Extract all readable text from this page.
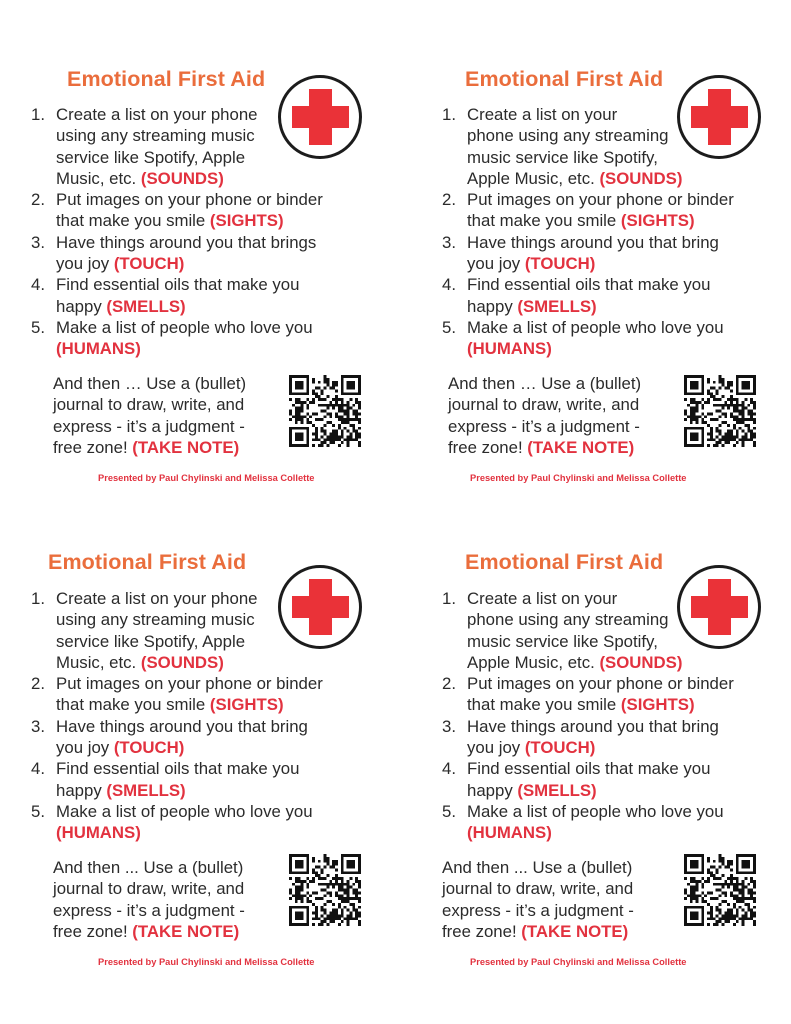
Emotional First Aid
1. Create a list on your phone
using any streaming music
service like Spotify, Apple
Music, etc. (SOUNDS)
2. Put images on your phone or binder
that make you smile (SIGHTS)
3. Have things around you that brings
you joy (TOUCH)
4. Find essential oils that make you
happy (SMELLS)
5. Make a list of people who love you
(HUMANS)
And then … Use a (bullet)
journal to draw, write, and
express - it’s a judgment -
free zone! (TAKE NOTE)
Presented by Paul Chylinski and Melissa Collette
Emotional First Aid
1. Create a list on your
phone using any streaming
music service like Spotify,
Apple Music, etc. (SOUNDS)
2. Put images on your phone or binder
that make you smile (SIGHTS)
3. Have things around you that bring
you joy (TOUCH)
4. Find essential oils that make you
happy (SMELLS)
5. Make a list of people who love you
(HUMANS)
And then … Use a (bullet)
journal to draw, write, and
express - it’s a judgment -
free zone! (TAKE NOTE)
Presented by Paul Chylinski and Melissa Collette
Emotional First Aid
1. Create a list on your phone
using any streaming music
service like Spotify, Apple
Music, etc. (SOUNDS)
2. Put images on your phone or binder
that make you smile (SIGHTS)
3. Have things around you that bring
you joy (TOUCH)
4. Find essential oils that make you
happy (SMELLS)
5. Make a list of people who love you
(HUMANS)
And then ... Use a (bullet)
journal to draw, write, and
express - it’s a judgment -
free zone! (TAKE NOTE)
Presented by Paul Chylinski and Melissa Collette
Emotional First Aid
1. Create a list on your
phone using any streaming
music service like Spotify,
Apple Music, etc. (SOUNDS)
2. Put images on your phone or binder
that make you smile (SIGHTS)
3. Have things around you that bring
you joy (TOUCH)
4. Find essential oils that make you
happy (SMELLS)
5. Make a list of people who love you
(HUMANS)
And then ... Use a (bullet)
journal to draw, write, and
express - it’s a judgment -
free zone! (TAKE NOTE)
Presented by Paul Chylinski and Melissa Collette
